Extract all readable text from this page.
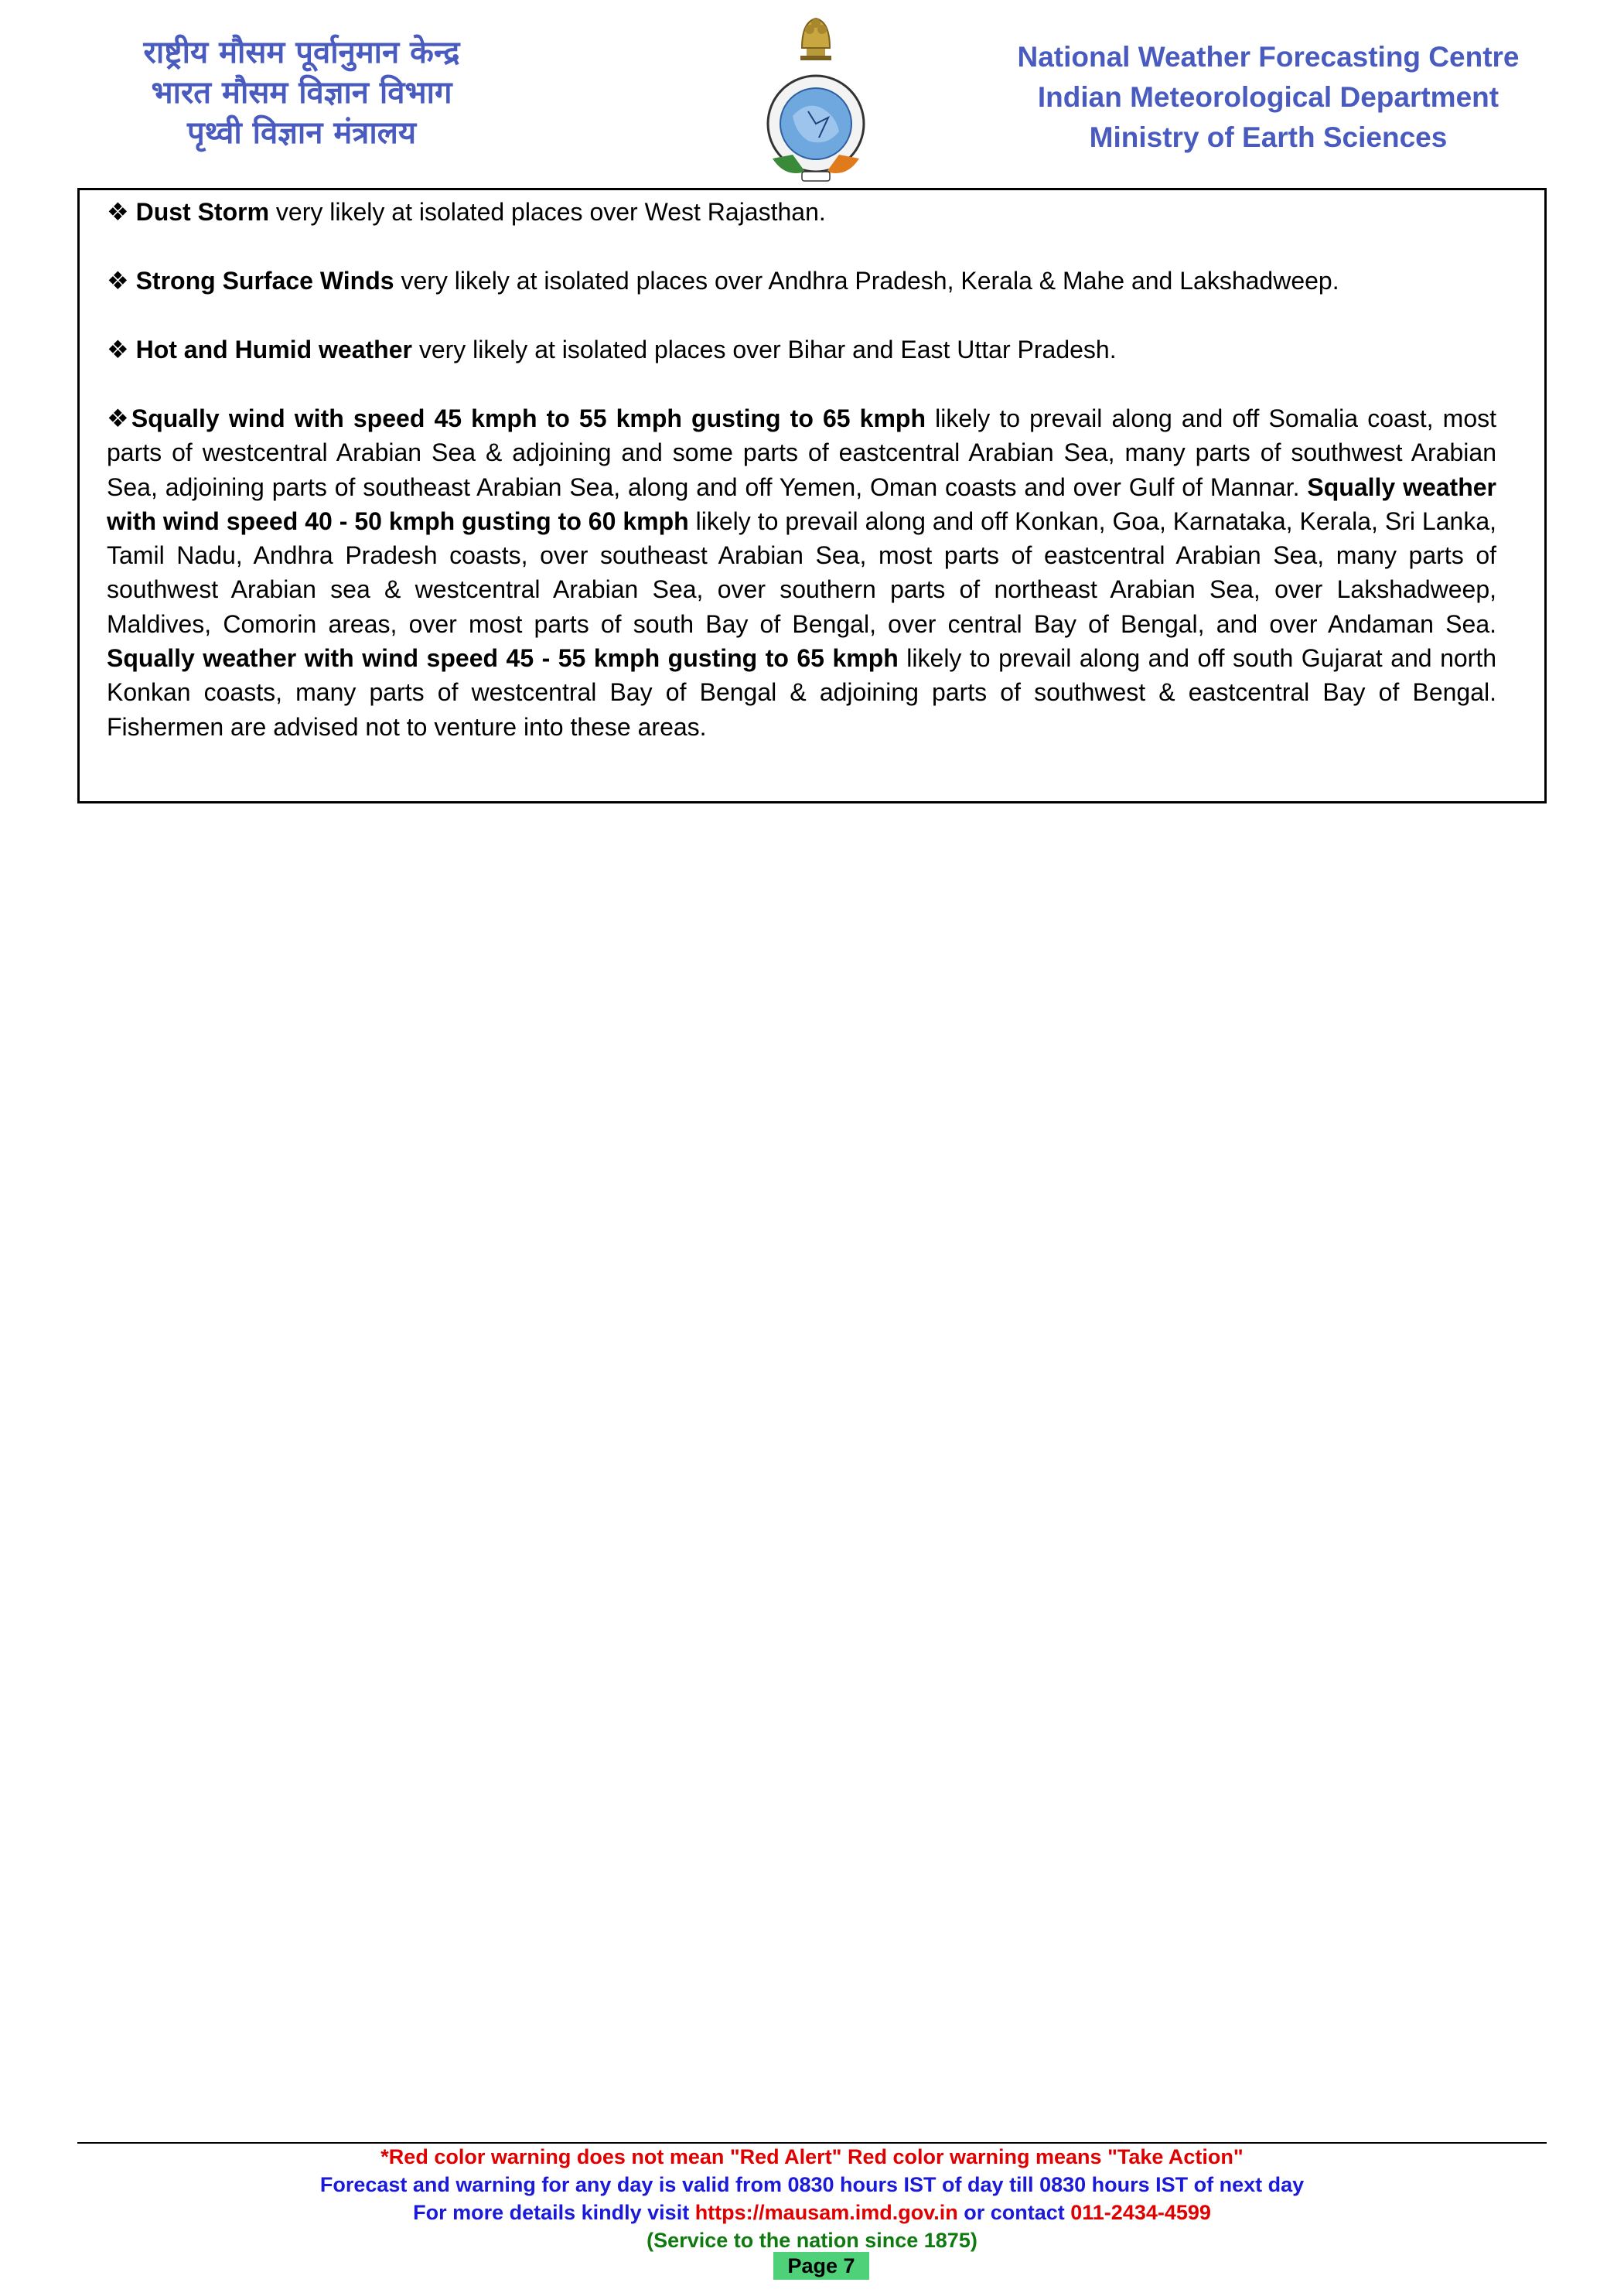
राष्ट्रीय मौसम पूर्वानुमान केन्द्र
भारत मौसम विज्ञान विभाग
पृथ्वी विज्ञान मंत्रालय
National Weather Forecasting Centre
Indian Meteorological Department
Ministry of Earth Sciences
❖ Dust Storm very likely at isolated places over West Rajasthan.
❖ Strong Surface Winds very likely at isolated places over Andhra Pradesh, Kerala & Mahe and Lakshadweep.
❖ Hot and Humid weather very likely at isolated places over Bihar and East Uttar Pradesh.
❖Squally wind with speed 45 kmph to 55 kmph gusting to 65 kmph likely to prevail along and off Somalia coast, most parts of westcentral Arabian Sea & adjoining and some parts of eastcentral Arabian Sea, many parts of southwest Arabian Sea, adjoining parts of southeast Arabian Sea, along and off Yemen, Oman coasts and over Gulf of Mannar. Squally weather with wind speed 40 - 50 kmph gusting to 60 kmph likely to prevail along and off Konkan, Goa, Karnataka, Kerala, Sri Lanka, Tamil Nadu, Andhra Pradesh coasts, over southeast Arabian Sea, most parts of eastcentral Arabian Sea, many parts of southwest Arabian sea & westcentral Arabian Sea, over southern parts of northeast Arabian Sea, over Lakshadweep, Maldives, Comorin areas, over most parts of south Bay of Bengal, over central Bay of Bengal, and over Andaman Sea. Squally weather with wind speed 45 - 55 kmph gusting to 65 kmph likely to prevail along and off south Gujarat and north Konkan coasts, many parts of westcentral Bay of Bengal & adjoining parts of southwest & eastcentral Bay of Bengal. Fishermen are advised not to venture into these areas.
*Red color warning does not mean "Red Alert" Red color warning means "Take Action"
Forecast and warning for any day is valid from 0830 hours IST of day till 0830 hours IST of next day
For more details kindly visit https://mausam.imd.gov.in or contact 011-2434-4599
(Service to the nation since 1875)
Page 7
